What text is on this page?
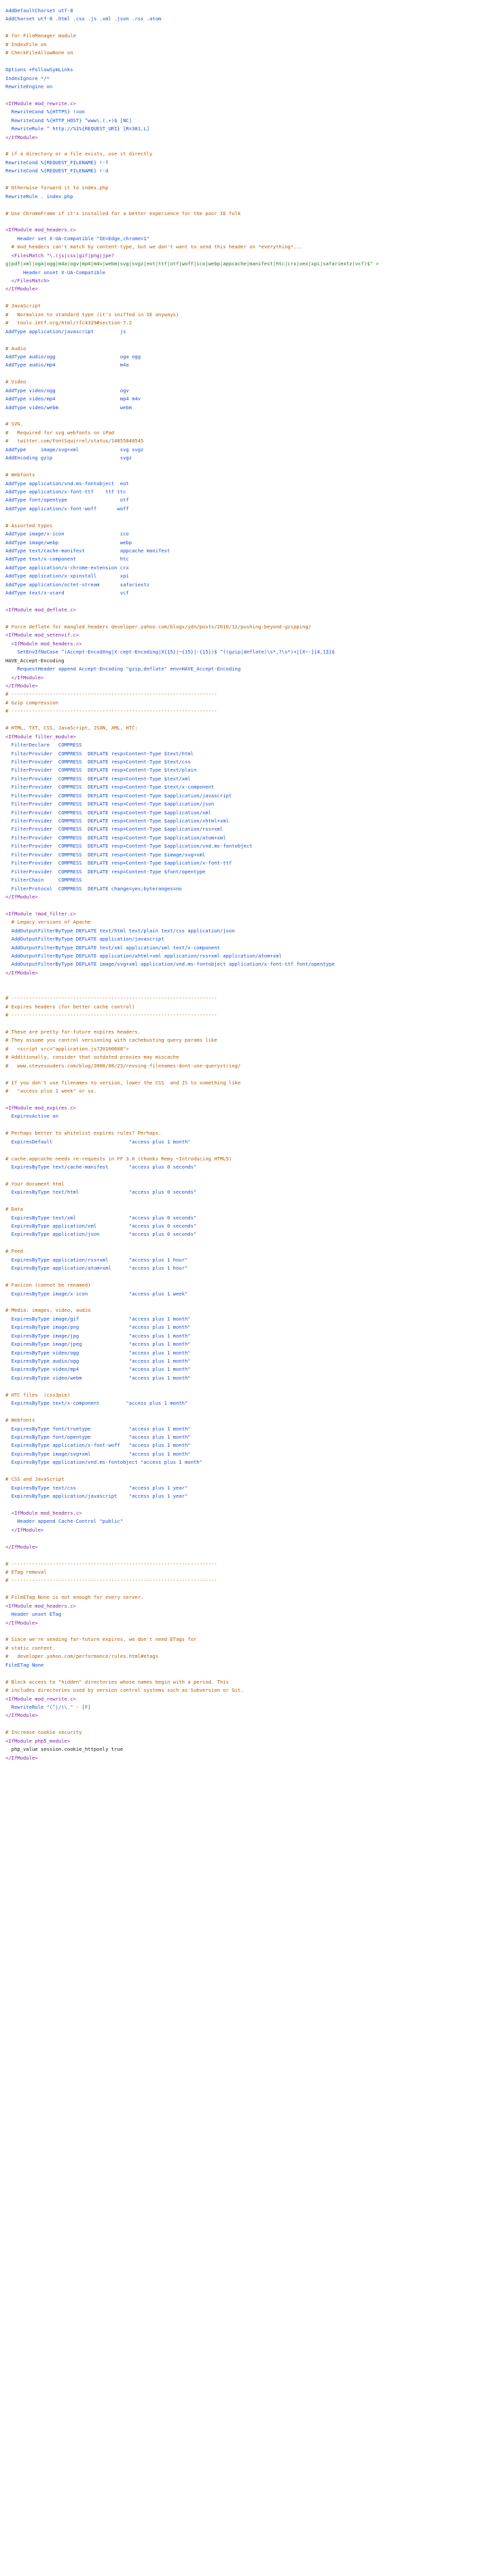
AddDefaultCharset utf-8
AddCharset utf-8 .html .css .js .xml .json .rss .atom
# for FileManager module
# IndexFile on
# CheckFileAllowNone on
Options +FollowSymLinks
IndexIgnore */*
RewriteEngine on
<IfModule mod_rewrite.c>
RewriteCond %{HTTPS} !=on
RewriteCond %{HTTP_HOST} ^www\.(.+)$ [NC]
RewriteRule ^ http://%1%{REQUEST_URI} [R=301,L]
</IfModule>
# if a directory or a file exists, use it directly
RewriteCond %{REQUEST_FILENAME} !-f
RewriteCond %{REQUEST_FILENAME} !-d
# Otherwise forward it to index.php
RewriteRule . index.php
# Use ChromeFrame if it's installed for a better experience for the poor IE folk
<IfModule mod_headers.c>
Header set X-UA-Compatible "IE=Edge,chrome=1"
# mod_headers can't match by content-type, but we don't want to send this header on *everything*...
<FilesMatch "\.(js|css|gif|png|jpe?
g|pdf|xml|oga|ogg|m4a|ogv|mp4|m4v|webm|svg|svgz|eot|ttf|otf|woff|ico|webp|appcache|manifest|htc|crx|oex|xpi|safariextz|vcf)$" >
Header unset X-UA-Compatible
</FilesMatch>
</IfModule>
# JavaScript
#   Normalize to standard type (it's sniffed in IE anyways)
#   tools.ietf.org/html/rfc4329#section-7.2
AddType application/javascript         js
# Audio
AddType audio/ogg                      oga ogg
AddType audio/mp4                      m4a
# Video
AddType video/ogg                      ogv
AddType video/mp4                      mp4 m4v
AddType video/webm                     webm
# SVG.
#   Required for svg webfonts on iPad
#   twitter.com/FontSquirrel/status/14855840545
AddType     image/svg+xml              svg svgz
AddEncoding gzip                       svgz
# Webfonts
AddType application/vnd.ms-fontobject  eot
AddType application/x-font-ttf    ttf ttc
AddType font/opentype                  otf
AddType application/x-font-woff       woff
# Assorted types
AddType image/x-icon                   ico
AddType image/webp                     webp
AddType text/cache-manifest            appcache manifest
AddType text/x-component               htc
AddType application/x-chrome-extension crx
AddType application/x-xpinstall        xpi
AddType application/octet-stream       safariextz
AddType text/x-vcard                   vcf
<IfModule mod_deflate.c>
# Force deflate for mangled headers developer.yahoo.com/blogs/ydn/posts/2010/12/pushing-beyond-gzipping/
<IfModule mod_setenvif.c>
<IfModule mod_headers.c>
SetEnvIfNoCase ^(Accept-EncodXng|X-cept-Encoding|X{15}|~{15}|-{15})$ ^((gzip|deflate)\s*,?\s*)+|[X~-]{4,13}$
HAVE_Accept-Encoding
RequestHeader append Accept-Encoding "gzip,deflate" env=HAVE_Accept-Encoding
</IfModule>
</IfModule>
# ----------------------------------------------------------------------
# Gzip compression
# ----------------------------------------------------------------------
# HTML, TXT, CSS, JavaScript, JSON, XML, HTC:
<IfModule filter_module>
FilterDeclare   COMPRESS
FilterProvider  COMPRESS  DEFLATE resp=Content-Type $text/html
FilterProvider  COMPRESS  DEFLATE resp=Content-Type $text/css
FilterProvider  COMPRESS  DEFLATE resp=Content-Type $text/plain
FilterProvider  COMPRESS  DEFLATE resp=Content-Type $text/xml
FilterProvider  COMPRESS  DEFLATE resp=Content-Type $text/x-component
FilterProvider  COMPRESS  DEFLATE resp=Content-Type $application/javascript
FilterProvider  COMPRESS  DEFLATE resp=Content-Type $application/json
FilterProvider  COMPRESS  DEFLATE resp=Content-Type $application/xml
FilterProvider  COMPRESS  DEFLATE resp=Content-Type $application/xhtml+xml
FilterProvider  COMPRESS  DEFLATE resp=Content-Type $application/rss+xml
FilterProvider  COMPRESS  DEFLATE resp=Content-Type $application/atom+xml
FilterProvider  COMPRESS  DEFLATE resp=Content-Type $application/vnd.ms-fontobject
FilterProvider  COMPRESS  DEFLATE resp=Content-Type $image/svg+xml
FilterProvider  COMPRESS  DEFLATE resp=Content-Type $application/x-font-ttf
FilterProvider  COMPRESS  DEFLATE resp=Content-Type $font/opentype
FilterChain     COMPRESS
FilterProtocol  COMPRESS  DEFLATE change=yes;byteranges=no
</IfModule>
<IfModule !mod_filter.c>
# Legacy versions of Apache
AddOutputFilterByType DEFLATE text/html text/plain text/css application/json
AddOutputFilterByType DEFLATE application/javascript
AddOutputFilterByType DEFLATE text/xml application/xml text/x-component
AddOutputFilterByType DEFLATE application/xhtml+xml application/rss+xml application/atom+xml
AddOutputFilterByType DEFLATE image/svg+xml application/vnd.ms-fontobject application/x-font-ttf font/opentype
</IfModule>
# ----------------------------------------------------------------------
# Expires headers (for better cache control)
# ----------------------------------------------------------------------
# These are pretty far-future expires headers.
# They assume you control versioning with cachebusting query params like
#   <script src="application.js?20100608">
# Additionally, consider that outdated proxies may miscache
#   www.stevesouders.com/blog/2008/08/23/revving-filenames-dont-use-querystring/
# If you don't use filenames to version, lower the CSS  and JS to something like
#   "access plus 1 week" or so.
<IfModule mod_expires.c>
ExpiresActive on
# Perhaps better to whitelist expires rules? Perhaps.
ExpiresDefault                          "access plus 1 month"
# cache.appcache needs re-requests in FF 3.6 (thanks Remy ~Introducing HTML5)
ExpiresByType text/cache-manifest       "access plus 0 seconds"
# Your document html
ExpiresByType text/html                 "access plus 0 seconds"
# Data
ExpiresByType text/xml                  "access plus 0 seconds"
ExpiresByType application/xml           "access plus 0 seconds"
ExpiresByType application/json          "access plus 0 seconds"
# Feed
ExpiresByType application/rss+xml       "access plus 1 hour"
ExpiresByType application/atom+xml      "access plus 1 hour"
# Favicon (cannot be renamed)
ExpiresByType image/x-icon              "access plus 1 week"
# Media: images, video, audio
ExpiresByType image/gif                 "access plus 1 month"
ExpiresByType image/png                 "access plus 1 month"
ExpiresByType image/jpg                 "access plus 1 month"
ExpiresByType image/jpeg                "access plus 1 month"
ExpiresByType video/ogg                 "access plus 1 month"
ExpiresByType audio/ogg                 "access plus 1 month"
ExpiresByType video/mp4                 "access plus 1 month"
ExpiresByType video/webm                "access plus 1 month"
# HTC files  (css3pie)
ExpiresByType text/x-component         "access plus 1 month"
# Webfonts
ExpiresByType font/truetype             "access plus 1 month"
ExpiresByType font/opentype             "access plus 1 month"
ExpiresByType application/x-font-woff   "access plus 1 month"
ExpiresByType image/svg+xml             "access plus 1 month"
ExpiresByType application/vnd.ms-fontobject "access plus 1 month"
# CSS and JavaScript
ExpiresByType text/css                  "access plus 1 year"
ExpiresByType application/javascript    "access plus 1 year"
<IfModule mod_headers.c>
Header append Cache-Control "public"
</IfModule>
</IfModule>
# ----------------------------------------------------------------------
# ETag removal
# ----------------------------------------------------------------------
# FileETag None is not enough for every server.
<IfModule mod_headers.c>
Header unset ETag
</IfModule>
# Since we're sending far-future expires, we don't need ETags for
# static content.
#   developer.yahoo.com/performance/rules.html#etags
FileETag None
# Block access to "hidden" directories whose names begin with a period. This
# includes directories used by version control systems such as Subversion or Git.
<IfModule mod_rewrite.c>
RewriteRule "(^|/)\." - [F]
</IfModule>
# Increase cookie security
<IfModule php5_module>
php_value session.cookie_httponly true
</IfModule>
